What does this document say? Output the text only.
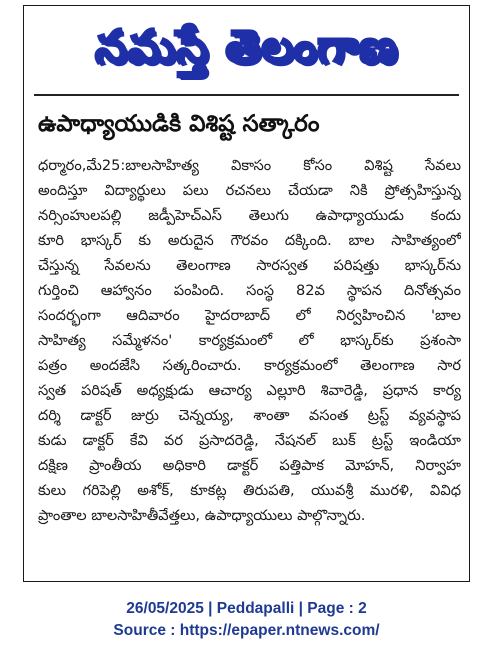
నమస్తే తెలంగాణ
ఉపాధ్యాయుడికి విశిష్ట సత్కారం
ధర్మారం,మే25:బాలసాహిత్య వికాసం కోసం విశిష్ట సేవలు
అందిస్తూ విద్యార్థులు పలు రచనలు చేయడా నికి ప్రోత్సహిస్తున్న
నర్సింహులపల్లి జడ్పీహెచ్‌ఎస్ తెలుగు ఉపాధ్యాయుడు కందు
కూరి భాస్కర్ కు అరుదైన గౌరవం దక్కింది. బాల సాహిత్యంలో
చేస్తున్న సేవలను తెలంగాణ సారస్వత పరిషత్తు భాస్కర్‌ను
గుర్తించి ఆహ్వానం పంపింది. సంస్థ 82వ స్థాపన దినోత్సవం
సందర్భంగా ఆదివారం హైదరాబాద్ లో నిర్వహించిన 'బాల
సాహిత్య సమ్మేళనం' కార్యక్రమంలో లో భాస్కర్‌కు ప్రశంసా
పత్రం అందజేసి సత్కరించారు. కార్యక్రమంలో తెలంగాణ సార
స్వత పరిషత్ అధ్యక్షుడు ఆచార్య ఎల్లూరి శివారెడ్డి, ప్రధాన కార్య
దర్శి డాక్టర్ జుర్రు చెన్నయ్య, శాంతా వసంత ట్రస్ట్ వ్యవస్థాప
కుడు డాక్టర్ కేవి వర ప్రసాదరెడ్డి, నేషనల్ బుక్ ట్రస్ట్ ఇండియా
దక్షిణ ప్రాంతీయ అధికారి డాక్టర్ పత్తిపాక మోహన్, నిర్వాహ
కులు గరిపెల్లి అశోక్, కూకట్ల తిరుపతి, యువశ్రీ మురళి, వివిధ
ప్రాంతాల బాలసాహితీవేత్తలు, ఉపాధ్యాయులు పాల్గొన్నారు.
26/05/2025 | Peddapalli | Page : 2
Source : https://epaper.ntnews.com/
